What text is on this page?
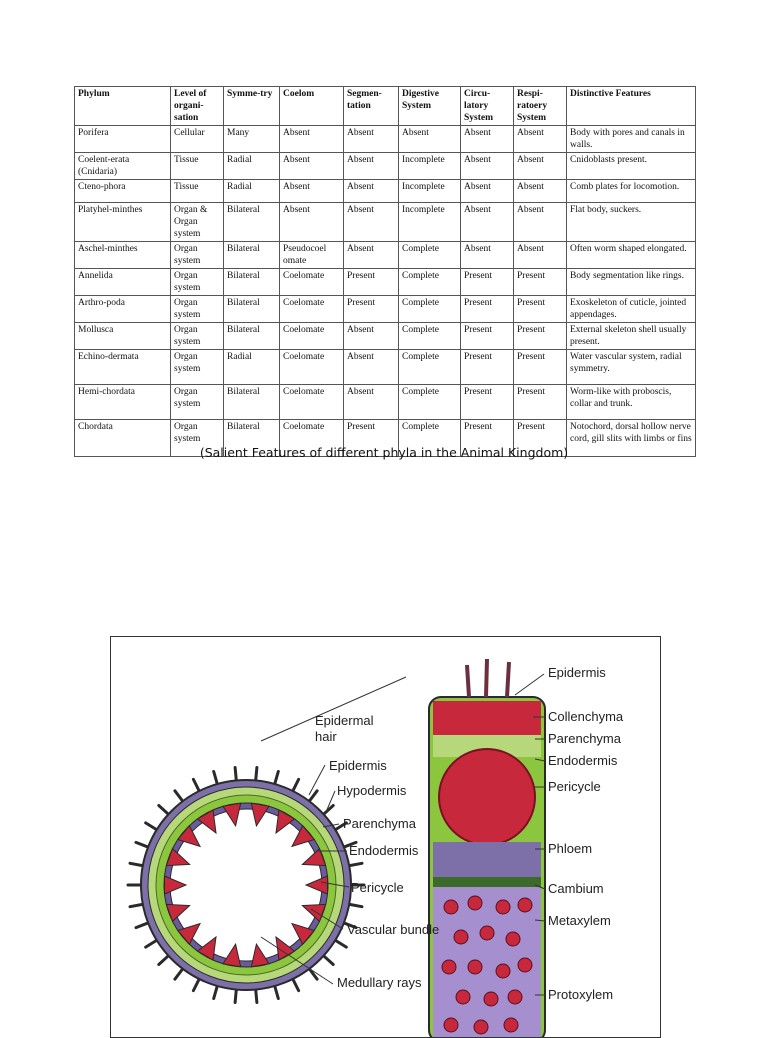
Phylum	Level of organi-sation	Symme-try	Coelom	Segmen-tation	Digestive System	Circu-latory System	Respi-ratoery System	Distinctive Features
Porifera	Cellular	Many	Absent	Absent	Absent	Absent	Absent	Body with pores and canals in walls.
Coelent-erata (Cnidaria)	Tissue	Radial	Absent	Absent	Incomplete	Absent	Absent	Cnidoblasts present.
Cteno-phora	Tissue	Radial	Absent	Absent	Incomplete	Absent	Absent	Comb plates for locomotion.
Platyhel-minthes	Organ & Organ system	Bilateral	Absent	Absent	Incomplete	Absent	Absent	Flat body, suckers.
Aschel-minthes	Organ system	Bilateral	Pseudocoel omate	Absent	Complete	Absent	Absent	Often worm shaped elongated.
Annelida	Organ system	Bilateral	Coelomate	Present	Complete	Present	Present	Body segmentation like rings.
Arthro-poda	Organ system	Bilateral	Coelomate	Present	Complete	Present	Present	Exoskeleton of cuticle, jointed appendages.
Mollusca	Organ system	Bilateral	Coelomate	Absent	Complete	Present	Present	External skeleton shell usually present.
Echino-dermata	Organ system	Radial	Coelomate	Absent	Complete	Present	Present	Water vascular system, radial symmetry.
Hemi-chordata	Organ system	Bilateral	Coelomate	Absent	Complete	Present	Present	Worm-like with proboscis, collar and trunk.
Chordata	Organ system	Bilateral	Coelomate	Present	Complete	Present	Present	Notochord, dorsal hollow nerve cord, gill slits with limbs or fins
(Salient Features of different phyla in the Animal Kingdom)
Epidermal hair
Epidermis
Hypodermis
Parenchyma
Endodermis
Pericycle
Vascular bundle
Medullary rays
Epidermis
Collenchyma
Parenchyma
Endodermis
Pericycle
Phloem
Cambium
Metaxylem
Protoxylem
